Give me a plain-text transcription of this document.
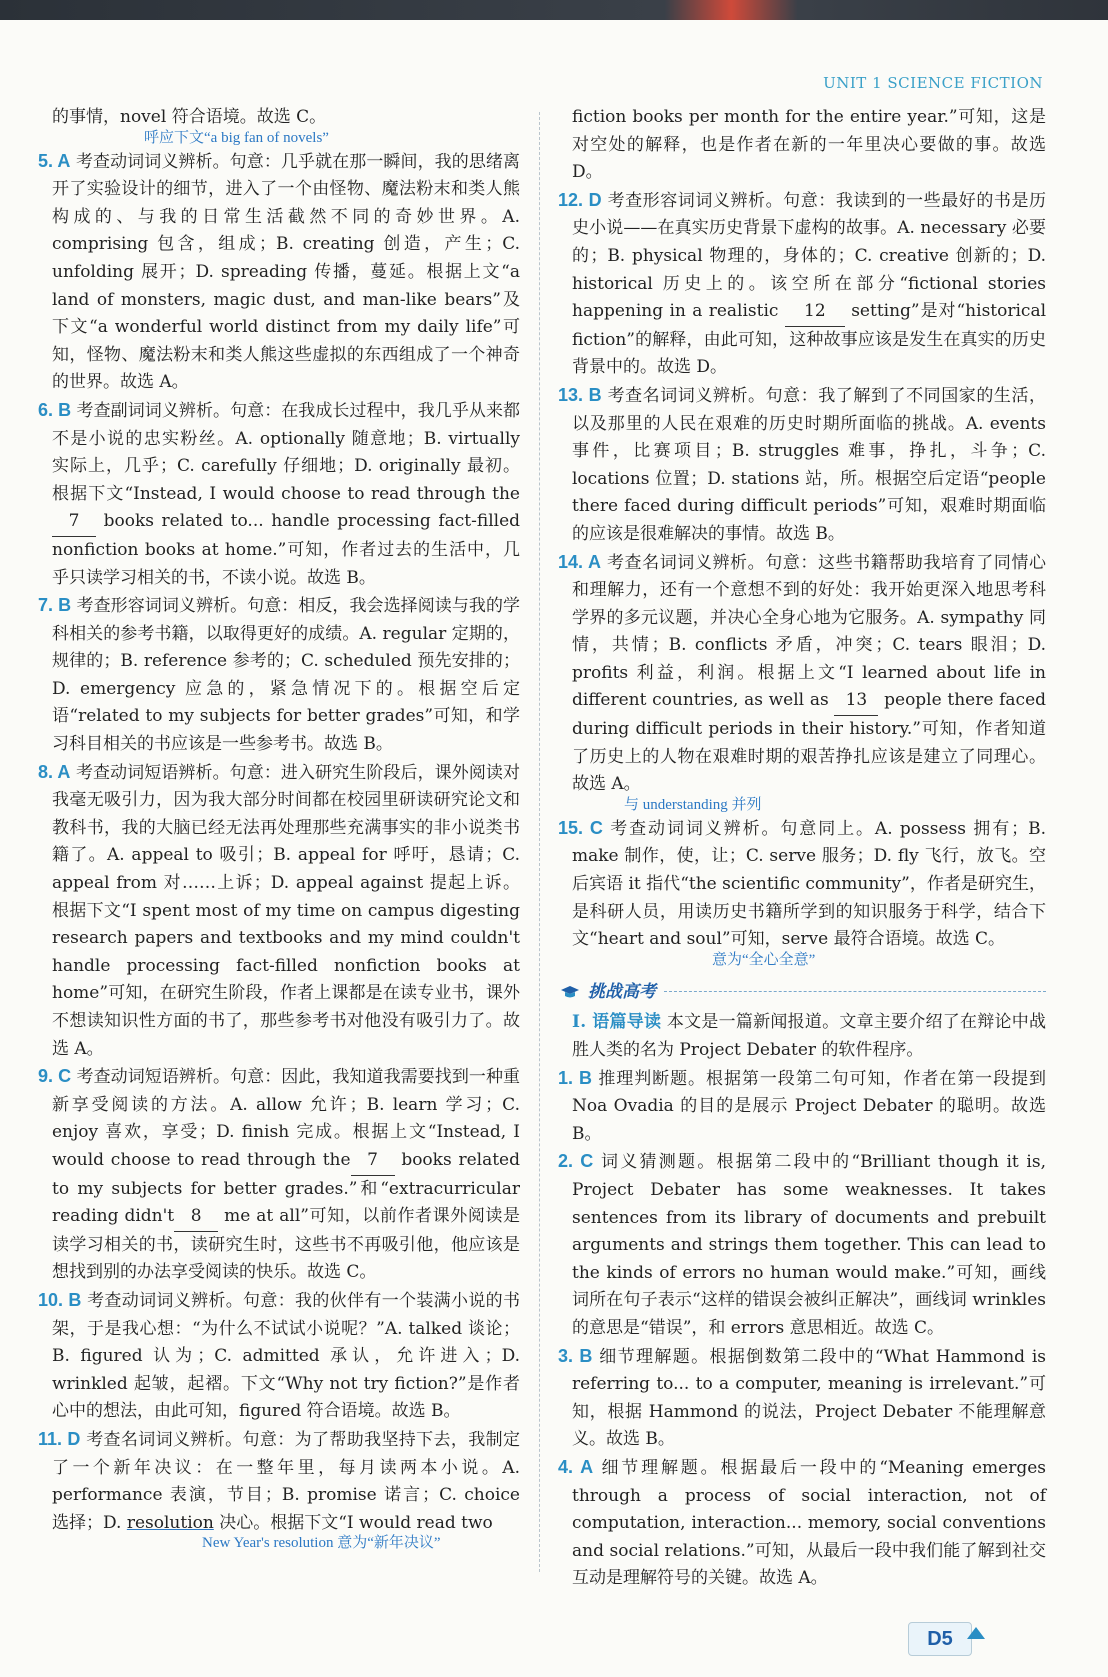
UNIT 1 SCIENCE FICTION

的事情，novel 符合语境。故选 C。

呼应下文“a big fan of novels”

5. A 考查动词词义辨析。句意：几乎就在那一瞬间，我的思绪离开了实验设计的细节，进入了一个由怪物、魔法粉末和类人熊构成的、与我的日常生活截然不同的奇妙世界。A. comprising 包含，组成；B. creating 创造，产生；C. unfolding 展开；D. spreading 传播，蔓延。根据上文“a land of monsters, magic dust, and man-like bears”及下文“a wonderful world distinct from my daily life”可知，怪物、魔法粉末和类人熊这些虚拟的东西组成了一个神奇的世界。故选 A。

6. B 考查副词词义辨析。句意：在我成长过程中，我几乎从来都不是小说的忠实粉丝。A. optionally 随意地；B. virtually 实际上，几乎；C. carefully 仔细地；D. originally 最初。根据下文“Instead, I would choose to read through the7 books related to... handle processing fact-filled nonfiction books at home.”可知，作者过去的生活中，几乎只读学习相关的书，不读小说。故选 B。

7. B 考查形容词词义辨析。句意：相反，我会选择阅读与我的学科相关的参考书籍，以取得更好的成绩。A. regular 定期的，规律的；B. reference 参考的；C. scheduled 预先安排的；D. emergency 应急的，紧急情况下的。根据空后定语“related to my subjects for better grades”可知，和学习科目相关的书应该是一些参考书。故选 B。

8. A 考查动词短语辨析。句意：进入研究生阶段后，课外阅读对我毫无吸引力，因为我大部分时间都在校园里研读研究论文和教科书，我的大脑已经无法再处理那些充满事实的非小说类书籍了。A. appeal to 吸引；B. appeal for 呼吁，恳请；C. appeal from 对……上诉；D. appeal against 提起上诉。根据下文“I spent most of my time on campus digesting research papers and textbooks and my mind couldn't handle processing fact-filled nonfiction books at home”可知，在研究生阶段，作者上课都是在读专业书，课外不想读知识性方面的书了，那些参考书对他没有吸引力了。故选 A。

9. C 考查动词短语辨析。句意：因此，我知道我需要找到一种重新享受阅读的方法。A. allow 允许；B. learn 学习；C. enjoy 喜欢，享受；D. finish 完成。根据上文“Instead, I would choose to read through the 7 books related to my subjects for better grades.”和“extracurricular reading didn't 8 me at all”可知，以前作者课外阅读是读学习相关的书，读研究生时，这些书不再吸引他，他应该是想找到别的办法享受阅读的快乐。故选 C。

10. B 考查动词词义辨析。句意：我的伙伴有一个装满小说的书架，于是我心想：“为什么不试试小说呢？”A. talked 谈论；B. figured 认为；C. admitted 承认，允许进入；D. wrinkled 起皱，起褶。下文“Why not try fiction?”是作者心中的想法，由此可知，figured 符合语境。故选 B。

11. D 考查名词词义辨析。句意：为了帮助我坚持下去，我制定了一个新年决议：在一整年里，每月读两本小说。A. performance 表演，节目；B. promise 诺言；C. choice 选择；D. resolution 决心。根据下文“I would read two

New Year's resolution 意为“新年决议”

fiction books per month for the entire year.”可知，这是对空处的解释，也是作者在新的一年里决心要做的事。故选 D。

12. D 考查形容词词义辨析。句意：我读到的一些最好的书是历史小说——在真实历史背景下虚构的故事。A. necessary 必要的；B. physical 物理的，身体的；C. creative 创新的；D. historical 历史上的。该空所在部分“fictional stories happening in a realistic 12 setting”是对“historical fiction”的解释，由此可知，这种故事应该是发生在真实的历史背景中的。故选 D。

13. B 考查名词词义辨析。句意：我了解到了不同国家的生活，以及那里的人民在艰难的历史时期所面临的挑战。A. events 事件，比赛项目；B. struggles 难事，挣扎，斗争；C. locations 位置；D. stations 站，所。根据空后定语“people there faced during difficult periods”可知，艰难时期面临的应该是很难解决的事情。故选 B。

14. A 考查名词词义辨析。句意：这些书籍帮助我培育了同情心和理解力，还有一个意想不到的好处：我开始更深入地思考科学界的多元议题，并决心全身心地为它服务。A. sympathy 同情，共情；B. conflicts 矛盾，冲突；C. tears 眼泪；D. profits 利益，利润。根据上文“I learned about life in different countries, as well as 13 people there faced during difficult periods in their history.”可知，作者知道了历史上的人物在艰难时期的艰苦挣扎应该是建立了同理心。故选 A。

与 understanding 并列

15. C 考查动词词义辨析。句意同上。A. possess 拥有；B. make 制作，使，让；C. serve 服务；D. fly 飞行，放飞。空后宾语 it 指代“the scientific community”，作者是研究生，是科研人员，用读历史书籍所学到的知识服务于科学，结合下文“heart and soul”可知，serve 最符合语境。故选 C。

意为“全心全意”
挑战高考

Ⅰ. 语篇导读 本文是一篇新闻报道。文章主要介绍了在辩论中战胜人类的名为 Project Debater 的软件程序。

1. B 推理判断题。根据第一段第二句可知，作者在第一段提到 Noa Ovadia 的目的是展示 Project Debater 的聪明。故选 B。

2. C 词义猜测题。根据第二段中的“Brilliant though it is, Project Debater has some weaknesses. It takes sentences from its library of documents and prebuilt arguments and strings them together. This can lead to the kinds of errors no human would make.”可知，画线词所在句子表示“这样的错误会被纠正解决”，画线词 wrinkles 的意思是“错误”，和 errors 意思相近。故选 C。

3. B 细节理解题。根据倒数第二段中的“What Hammond is referring to... to a computer, meaning is irrelevant.”可知，根据 Hammond 的说法，Project Debater 不能理解意义。故选 B。

4. A 细节理解题。根据最后一段中的“Meaning emerges through a process of social interaction, not of computation, interaction... memory, social conventions and social relations.”可知，从最后一段中我们能了解到社交互动是理解符号的关键。故选 A。

D5
